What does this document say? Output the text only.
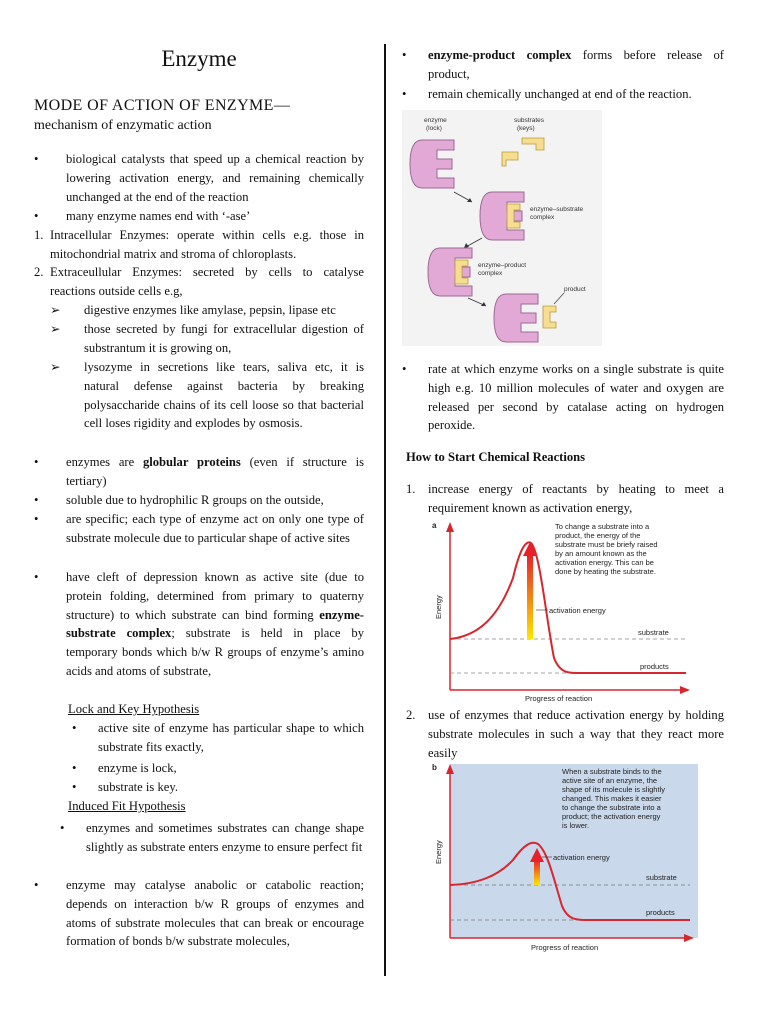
Enzyme
MODE OF ACTION OF ENZYME—
mechanism of enzymatic action
• biological catalysts that speed up a chemical reaction by lowering activation energy, and remaining chemically unchanged at the end of the reaction
• many enzyme names end with ‘-ase’
1. Intracellular Enzymes: operate within cells e.g. those in mitochondrial matrix and stroma of chloroplasts.
2. Extraceullular Enzymes: secreted by cells to catalyse reactions outside cells e.g,
➢ digestive enzymes like amylase, pepsin, lipase etc
➢ those secreted by fungi for extracellular digestion of substrantum it is growing on,
➢ lysozyme in secretions like tears, saliva etc, it is natural defense against bacteria by breaking polysaccharide chains of its cell loose so that bacterial cell loses rigidity and explodes by osmosis.
• enzymes are globular proteins (even if structure is tertiary)
• soluble due to hydrophilic R groups on the outside,
• are specific; each type of enzyme act on only one type of substrate molecule due to particular shape of active sites
• have cleft of depression known as active site (due to protein folding, determined from primary to quaterny structure) to which substrate can bind forming enzyme-substrate complex; substrate is held in place by temporary bonds which b/w R groups of enzyme’s amino acids and atoms of substrate,
Lock and Key Hypothesis
• active site of enzyme has particular shape to which substrate fits exactly,
• enzyme is lock,
• substrate is key.
Induced Fit Hypothesis
• enzymes and sometimes substrates can change shape slightly as substrate enters enzyme to ensure perfect fit
• enzyme may catalyse anabolic or catabolic reaction; depends on interaction b/w R groups of enzymes and atoms of substrate molecules that can break or encourage formation of bonds b/w substrate molecules,
• enzyme-product complex forms before release of product,
• remain chemically unchanged at end of the reaction.
enzyme
(lock)
substrates
(keys)
enzyme–substrate
complex
enzyme–product
complex
product
• rate at which enzyme works on a single substrate is quite high e.g. 10 million molecules of water and oxygen are released per second by catalase acting on hydrogen peroxide.
How to Start Chemical Reactions
1. increase energy of reactants by heating to meet a requirement known as activation energy,
a
activation energy
substrate
products
Energy
Progress of reaction
To change a substrate into a
product, the energy of the
substrate must be briefy raised
by an amount known as the
activation energy. This can be
done by heating the substrate.
2. use of enzymes that reduce activation energy by holding substrate molecules in such a way that they react more easily
b
activation energy
substrate
products
Energy
Progress of reaction
When a substrate binds to the
active site of an enzyme, the
shape of its molecule is slightly
changed. This makes it easier
to change the substrate into a
product; the activation energy
is lower.
